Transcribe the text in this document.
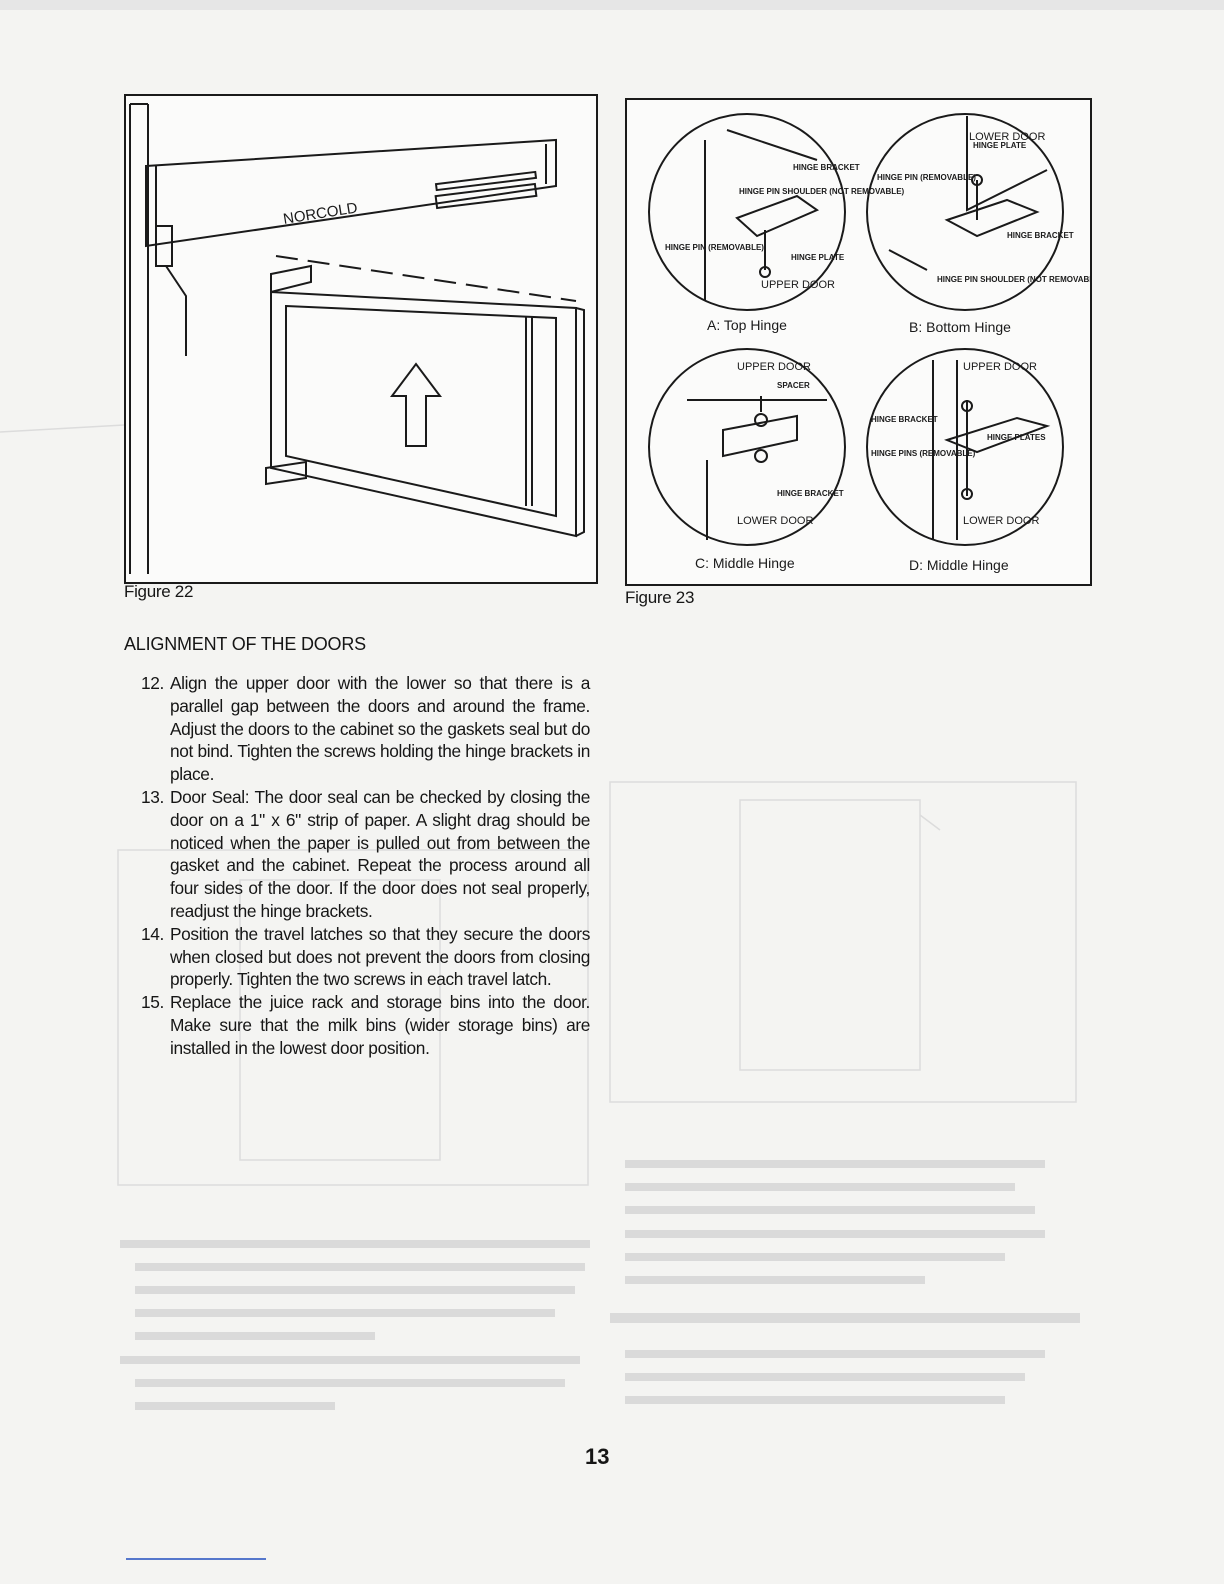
NORCOLD
Figure 22
HINGE BRACKET
HINGE PIN SHOULDER (NOT REMOVABLE)
HINGE PIN (REMOVABLE)
HINGE PLATE
HINGE PLATE
HINGE PIN (REMOVABLE)
HINGE BRACKET
HINGE PIN SHOULDER (NOT REMOVABLE)
SPACER
HINGE BRACKET
HINGE BRACKET
HINGE PLATES
HINGE PINS (REMOVABLE)
UPPER DOOR
LOWER DOOR
UPPER DOOR
LOWER DOOR
UPPER DOOR
LOWER DOOR
A: Top Hinge	B: Bottom Hinge
C: Middle Hinge	D: Middle Hinge
Figure 23
ALIGNMENT OF THE DOORS
12. Align the upper door with the lower so that there is a parallel gap between the doors and around the frame. Adjust the doors to the cabinet so the gaskets seal but do not bind. Tighten the screws holding the hinge brackets in place.
13. Door Seal: The door seal can be checked by closing the door on a 1" x 6" strip of paper. A slight drag should be noticed when the paper is pulled out from between the gasket and the cabinet. Repeat the process around all four sides of the door. If the door does not seal properly, readjust the hinge brackets.
14. Position the travel latches so that they secure the doors when closed but does not prevent the doors from closing properly. Tighten the two screws in each travel latch.
15. Replace the juice rack and storage bins into the door. Make sure that the milk bins (wider storage bins) are installed in the lowest door position.
13
